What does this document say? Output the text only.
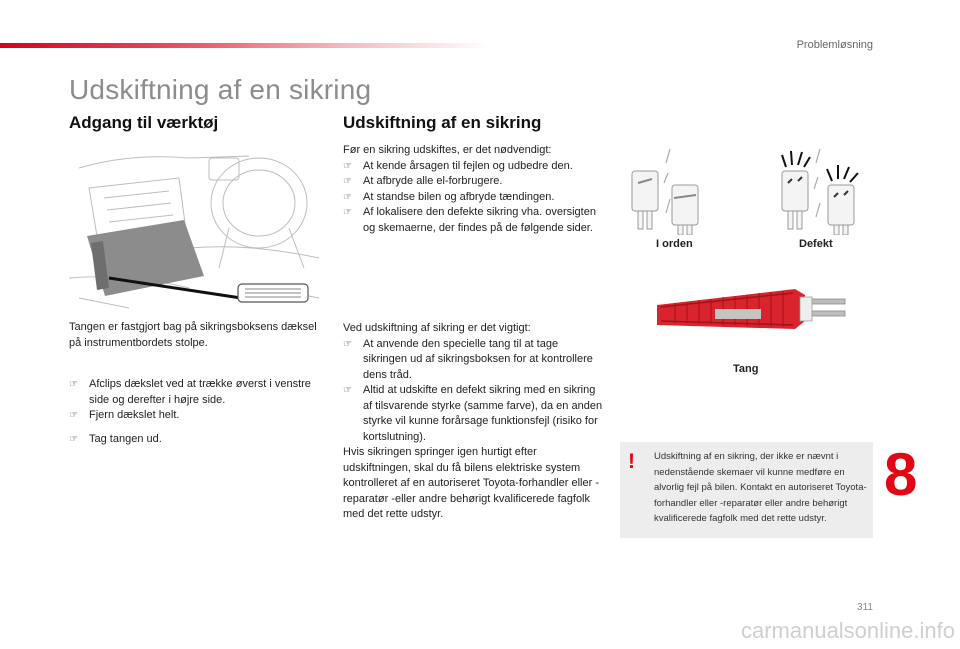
Problemløsning
Udskiftning af en sikring
Adgang til værktøj

Tangen er fastgjort bag på sikringsboksens dæksel på instrumentbordets stolpe.

☞ Afclips dækslet ved at trække øverst i venstre side og derefter i højre side.
☞ Fjern dækslet helt.
☞ Tag tangen ud.
Udskiftning af en sikring
Før en sikring udskiftes, er det nødvendigt:
☞ At kende årsagen til fejlen og udbedre den.
☞ At afbryde alle el-forbrugere.
☞ At standse bilen og afbryde tændingen.
☞ Af lokalisere den defekte sikring vha. oversigten og skemaerne, der findes på de følgende sider.
Ved udskiftning af sikring er det vigtigt:
☞ At anvende den specielle tang til at tage sikringen ud af sikringsboksen for at kontrollere dens tråd.
☞ Altid at udskifte en defekt sikring med en sikring af tilsvarende styrke (samme farve), da en anden styrke vil kunne forårsage funktionsfejl (risiko for kortslutning).
Hvis sikringen springer igen hurtigt efter udskiftningen, skal du få bilens elektriske system kontrolleret af en autoriseret Toyota-forhandler eller -reparatør -eller andre behørigt kvalificerede fagfolk med det rette udstyr.
I orden	Defekt
Tang
! Udskiftning af en sikring, der ikke er nævnt i nedenstående skemaer vil kunne medføre en alvorlig fejl på bilen. Kontakt en autoriseret Toyota-forhandler eller -reparatør eller andre behørigt kvalificerede fagfolk med det rette udstyr.
8
311
carmanualsonline.info
